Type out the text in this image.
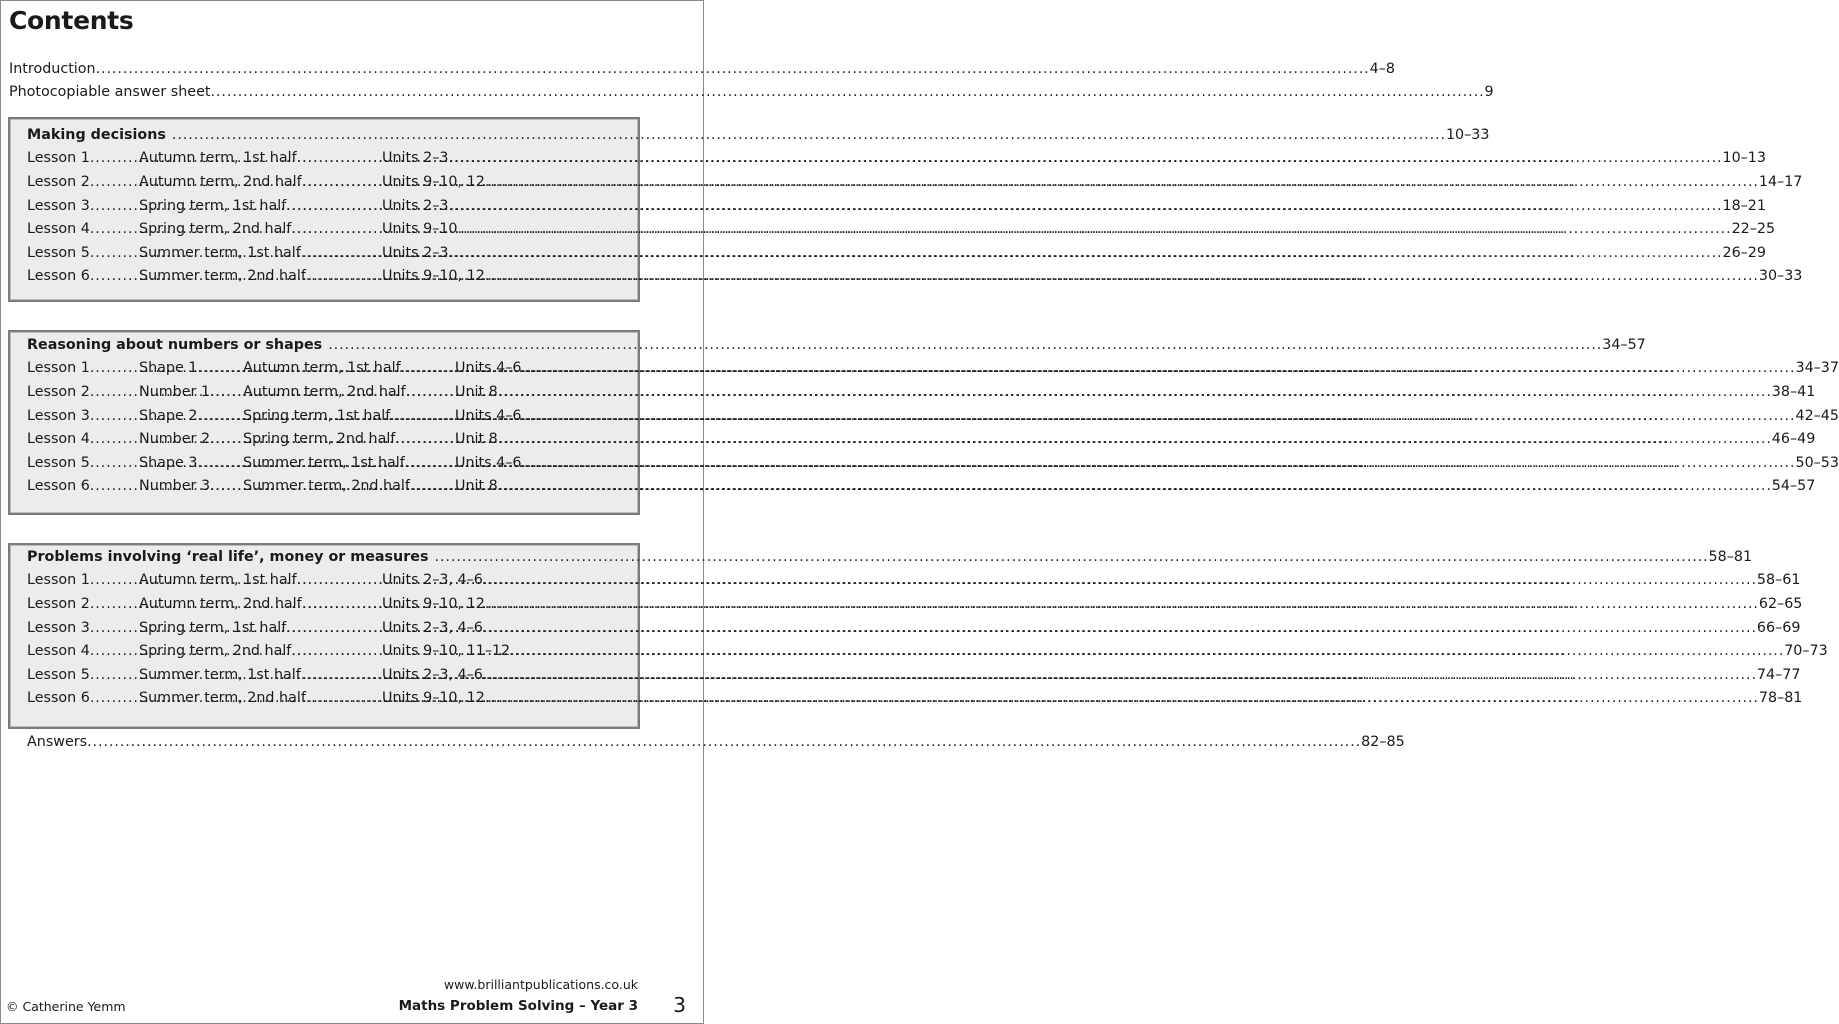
Contents
Introduction .....	4–8
Photocopiable answer sheet .....	9
Making decisions .....	10–33
Lesson 1 .....	Autumn term, 1st half .....	Units 2–3 .....	10–13
Lesson 2 .....	Autumn term, 2nd half .....	Units 9–10, 12 .....	14–17
Lesson 3 .....	Spring term, 1st half .....	Units 2–3 .....	18–21
Lesson 4 .....	Spring term, 2nd half .....	Units 9–10 .....	22–25
Lesson 5 .....	Summer term, 1st half .....	Units 2–3 .....	26–29
Lesson 6 .....	Summer term, 2nd half .....	Units 9–10, 12 .....	30–33
Reasoning about numbers or shapes .....	34–57
Lesson 1 .....	Shape 1 .....	Autumn term, 1st half .....	Units 4–6 .....	34–37
Lesson 2 .....	Number 1 ..... Autumn term, 2nd half .....	Unit 8 .....	38–41
Lesson 3 .....	Shape 2 .....	Spring term, 1st half .....	Units 4–6 .....	42–45
Lesson 4 .....	Number 2 ..... Spring term, 2nd half .....	Unit 8 .....	46–49
Lesson 5 .....	Shape 3 .....	Summer term, 1st half .....	Units 4–6 .....	50–53
Lesson 6 .....	Number 3 ..... Summer term, 2nd half .....	Unit 8 .....	54–57
Problems involving ‘real life’, money or measures .....	58–81
Lesson 1 .....	Autumn term, 1st half .....	Units 2–3, 4–6 .....	58–61
Lesson 2 .....	Autumn term, 2nd half .....	Units 9–10, 12 .....	62–65
Lesson 3 .....	Spring term, 1st half .....	Units 2–3, 4–6 .....	66–69
Lesson 4 .....	Spring term, 2nd half .....	Units 9–10, 11–12 .....	70–73
Lesson 5 .....	Summer term, 1st half .....	Units 2–3, 4–6 .....	74–77
Lesson 6 .....	Summer term, 2nd half .....	Units 9–10, 12 .....	78–81
Answers .....	82–85
www.brilliantpublications.co.uk
© Catherine Yemm	Maths Problem Solving – Year 3 3
